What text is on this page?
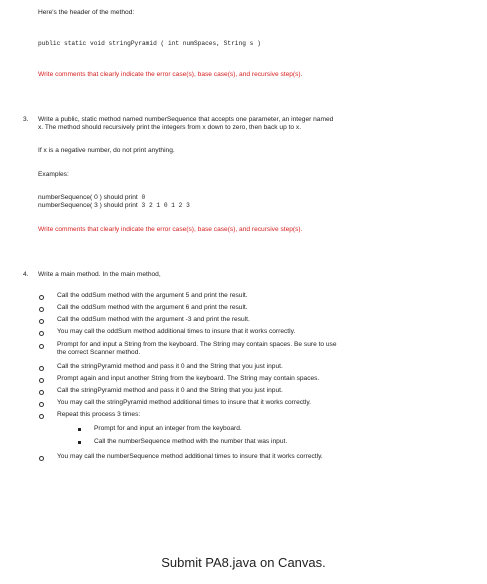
Here's the header of the method:
public static void stringPyramid ( int numSpaces, String s )
Write comments that clearly indicate the error case(s), base case(s), and recursive step(s).
3. Write a public, static method named numberSequence that accepts one parameter, an integer named
x. The method should recursively print the integers from x down to zero, then back up to x.
If x is a negative number, do not print anything.
Examples:
numberSequence( 0 ) should print 0
numberSequence( 3 ) should print 3 2 1 0 1 2 3
Write comments that clearly indicate the error case(s), base case(s), and recursive step(s).
4. Write a main method. In the main method,
Call the oddSum method with the argument 5 and print the result.
Call the oddSum method with the argument 6 and print the result.
Call the oddSum method with the argument -3 and print the result.
You may call the oddSum method additional times to insure that it works correctly.
Prompt for and input a String from the keyboard. The String may contain spaces. Be sure to use
the correct Scanner method.
Call the stringPyramid method and pass it 0 and the String that you just input.
Prompt again and input another String from the keyboard. The String may contain spaces.
Call the stringPyramid method and pass it 0 and the String that you just input.
You may call the stringPyramid method additional times to insure that it works correctly.
Repeat this process 3 times:
Prompt for and input an integer from the keyboard.
Call the numberSequence method with the number that was input.
You may call the numberSequence method additional times to insure that it works correctly.
Submit PA8.java on Canvas.
